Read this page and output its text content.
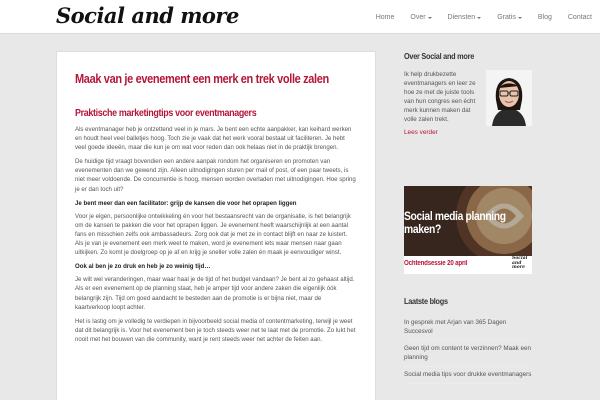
Social and more	Home Over	Diensten	Gratis	Blog Contact
Maak van je evenement een merk en trek volle zalen
Praktische marketingtips voor eventmanagers

Als eventmanager heb je ontzettend veel in je mars. Je bent een echte aanpakker, kan keihard werken en houdt heel veel balletjes hoog. Toch zie je vaak dat het werk vooral bestaat uit faciliteren. Je hebt veel goede ideeën, maar die kun je om wat voor reden dan ook helaas niet in de praktijk brengen.

De huidige tijd vraagt bovendien een andere aanpak rondom het organiseren en promoten van evenementen dan we gewend zijn. Alleen uitnodigingen sturen per mail of post, of een paar tweets, is niet meer voldoende. De concurrentie is hoog, mensen worden overladen met uitnodigingen. Hoe spring je er dan toch uit?

Je bent meer dan een facilitator: grijp de kansen die voor het oprapen liggen

Voor je eigen, persoonlijke ontwikkeling én voor het bestaansrecht van de organisatie, is het belangrijk om de kansen te pakken die voor het oprapen liggen. Je evenement heeft waarschijnlijk al een aantal fans en misschien zelfs ook ambassadeurs. Zorg ook dat je met ze in contact blijft en naar ze luistert. Als je van je evenement een merk weet te maken, word je evenement iets waar mensen naar gaan uitkijken. Zo komt je doelgroep op je af en krijg je sneller volle zalen én maak je eenvoudiger winst.

Ook al ben je zo druk en heb je zo weinig tijd…

Je wilt wel veranderingen, maar waar haal je de tijd of het budget vandaan? Je bent al zo gehaast altijd. Als er een evenement op de planning staat, heb je amper tijd voor andere zaken die eigenlijk óók belangrijk zijn. Tijd om goed aandacht te besteden aan de promotie is er bijna niet, maar de kaartverkoop loopt achter.

Het is lastig om je volledig te verdiepen in bijvoorbeeld social media of contentmarketing, terwijl je weet dat dit belangrijk is. Voor het evenement ben je toch steeds weer net te laat met de promotie. Zo lukt het nooit met het bouwen van die community, want je rent steeds weer net achter de feiten aan.

Over Social and more
Ik help drukbezette eventmanagers en leer ze hoe ze met de juiste tools van hun congres een écht merk kunnen maken dat volle zalen trekt.
Lees verder
Social media planning maken?
Ochtendsessie 20 april
Social and more
Laatste blogs
In gesprek met Arjan van 365 Dagen Succesvol
Geen tijd om content te verzinnen? Maak een planning
Social media tips voor drukke eventmanagers
